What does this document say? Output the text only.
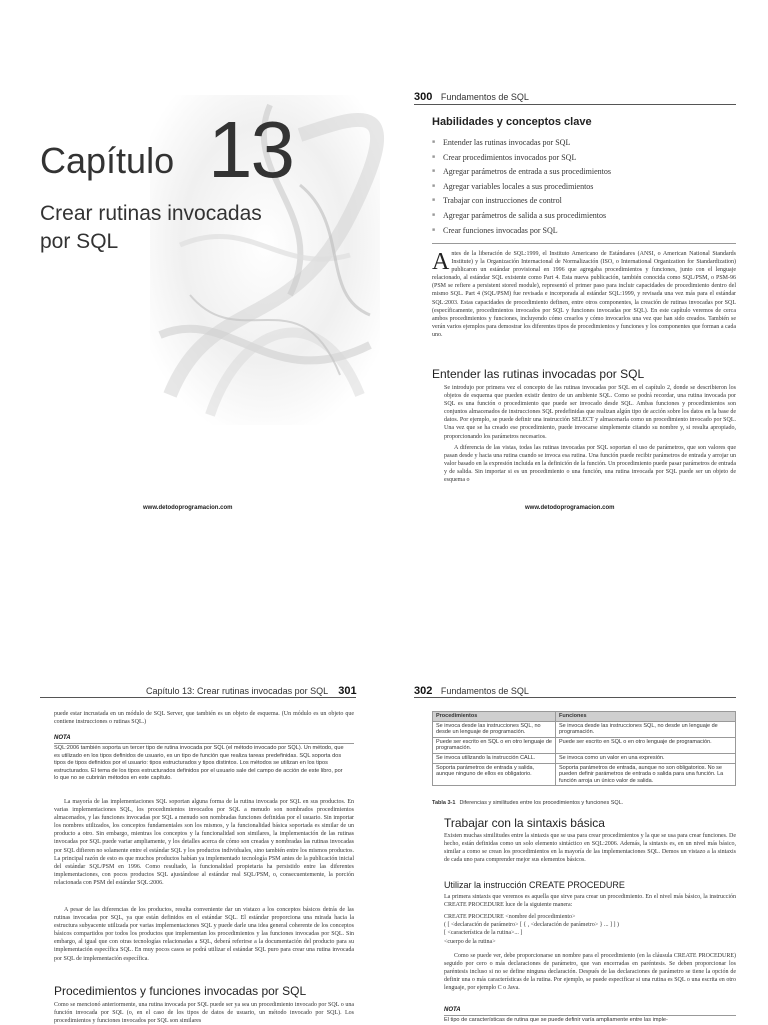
Capítulo 13
Crear rutinas invocadas
por SQL
www.detodoprogramacion.com
300 Fundamentos de SQL
Habilidades y conceptos clave
■ Entender las rutinas invocadas por SQL
■ Crear procedimientos invocados por SQL
■ Agregar parámetros de entrada a sus procedimientos
■ Agregar variables locales a sus procedimientos
■ Trabajar con instrucciones de control
■ Agregar parámetros de salida a sus procedimientos
■ Crear funciones invocadas por SQL
Antes de la liberación de SQL:1999, el Instituto Americano de Estándares (ANSI, o American National Standards Institute) y la Organización Internacional de Normalización (ISO, o International Organization for Standardization) publicaron un estándar provisional en 1996 que agregaba procedimientos y funciones, junto con el lenguaje relacionado, al estándar SQL existente como Part 4. Esta nueva publicación, también conocida como SQL/PSM, o PSM-96 (PSM se refiere a persistent stored module), representó el primer paso para incluir capacidades de procedimiento dentro del mismo SQL. Part 4 (SQL/PSM) fue revisada e incorporada al estándar SQL:1999, y revisada una vez más para el estándar SQL:2003. Estas capacidades de procedimiento definen, entre otros componentes, la creación de rutinas invocadas por SQL (específicamente, procedimientos invocados por SQL y funciones invocadas por SQL). En este capítulo veremos de cerca ambos procedimientos y funciones, incluyendo cómo crearlos y cómo invocarlos una vez que han sido creados. También se verán varios ejemplos para demostrar los diferentes tipos de procedimientos y funciones y los componentes que forman a cada uno.
Entender las rutinas invocadas por SQL
Se introdujo por primera vez el concepto de las rutinas invocadas por SQL en el capítulo 2, donde se describieron los objetos de esquema que pueden existir dentro de un ambiente SQL. Como se podrá recordar, una rutina invocada por SQL es una función o procedimiento que puede ser invocado desde SQL. Ambas funciones y procedimientos son conjuntos almacenados de instrucciones SQL predefinidas que realizan algún tipo de acción sobre los datos en la base de datos. Por ejemplo, se puede definir una instrucción SELECT y almacenarla como un procedimiento invocado por SQL. Una vez que se ha creado ese procedimiento, puede invocarse simplemente citando su nombre y, si resulta apropiado, proporcionando los parámetros necesarios.
A diferencia de las vistas, todas las rutinas invocadas por SQL soportan el uso de parámetros, que son valores que pasan desde y hacia una rutina cuando se invoca esa rutina. Una función puede recibir parámetros de entrada y arrojar un valor basado en la expresión incluida en la definición de la función. Un procedimiento puede pasar parámetros de entrada y de salida. Sin importar si es un procedimiento o una función, una rutina invocada por SQL puede ser un objeto de esquema o
www.detodoprogramacion.com
Capítulo 13: Crear rutinas invocadas por SQL 301
puede estar incrustada en un módulo de SQL Server, que también es un objeto de esquema. (Un módulo es un objeto que contiene instrucciones o rutinas SQL.)
NOTA
SQL:2006 también soporta un tercer tipo de rutina invocada por SQL (el método invocado por SQL). Un método, que es utilizado en los tipos definidos de usuario, es un tipo de función que realiza tareas predefinidas. SQL soporta dos tipos de tipos definidos por el usuario: tipos estructurados y tipos distintos. Los métodos se utilizan en los tipos estructurados. El tema de los tipos estructurados definidos por el usuario sale del campo de acción de este libro, por lo que no se cubrirán métodos en este capítulo.
La mayoría de las implementaciones SQL soportan alguna forma de la rutina invocada por SQL en sus productos. En varias implementaciones SQL, los procedimientos invocados por SQL a menudo son nombrados procedimientos almacenados, y las funciones invocadas por SQL a menudo son nombradas funciones definidas por el usuario. Sin importar los nombres utilizados, los conceptos fundamentales son los mismos, y la funcionalidad básica soportada es similar de un producto a otro. Sin embargo, mientras los conceptos y la funcionalidad son similares, la implementación de las rutinas invocadas por SQL puede variar ampliamente, y los detalles acerca de cómo son creadas y nombradas las rutinas invocadas por SQL difieren no solamente entre el estándar SQL y los productos individuales, sino también entre los mismos productos. La principal razón de esto es que muchos productos habían ya implementado tecnología PSM antes de la publicación inicial del estándar SQL/PSM en 1996. Como resultado, la funcionalidad propietaria ha persistido entre las diferentes implementaciones, con pocos productos SQL ajustándose al estándar real SQL/PSM, o, consecuentemente, la porción relacionada con PSM del estándar SQL:2006.
A pesar de las diferencias de los productos, resulta conveniente dar un vistazo a los conceptos básicos detrás de las rutinas invocadas por SQL, ya que están definidos en el estándar SQL. El estándar proporciona una mirada hacia la estructura subyacente utilizada por varias implementaciones SQL y puede darle una idea general coherente de los conceptos básicos compartidos por todos los productos que implementan los procedimientos y las funciones invocadas por SQL. Sin embargo, al igual que con otras tecnologías relacionadas a SQL, deberá referirse a la documentación del producto para su implementación específica SQL. En muy pocos casos se podrá utilizar el estándar SQL puro para crear una rutina invocada por SQL de implementación específica.
Procedimientos y funciones invocadas por SQL
Como se mencionó anteriormente, una rutina invocada por SQL puede ser ya sea un procedimiento invocado por SQL o una función invocada por SQL (o, en el caso de los tipos de datos de usuario, un método invocado por SQL). Los procedimientos y funciones invocados por SQL son similares
302 Fundamentos de SQL
Procedimientos	Funciones
Se invoca desde las instrucciones SQL, no desde un lenguaje de programación.	Se invoca desde las instrucciones SQL, no desde un lenguaje de programación.
Puede ser escrito en SQL o en otro lenguaje de programación.	Puede ser escrito en SQL o en otro lenguaje de programación.
Se invoca utilizando la instrucción CALL.	Se invoca como un valor en una expresión.
Soporta parámetros de entrada y salida, aunque ninguno de ellos es obligatorio.	Soporta parámetros de entrada, aunque no son obligatorios. No se pueden definir parámetros de entrada o salida para una función. La función arroja un único valor de salida.
Tabla 3-1 Diferencias y similitudes entre los procedimientos y funciones SQL.
Trabajar con la sintaxis básica
Existen muchas similitudes entre la sintaxis que se usa para crear procedimientos y la que se usa para crear funciones. De hecho, están definidas como un solo elemento sintáctico en SQL:2006. Además, la sintaxis es, en un nivel más básico, similar a como se crean los procedimientos en la mayoría de las implementaciones SQL. Demos un vistazo a la sintaxis de cada uno para comprender mejor sus elementos básicos.
Utilizar la instrucción CREATE PROCEDURE
La primera sintaxis que veremos es aquella que sirve para crear un procedimiento. En el nivel más básico, la instrucción CREATE PROCEDURE luce de la siguiente manera:
CREATE PROCEDURE <nombre del procedimiento>
( [ <declaración de parámetro> [ { , <declaración de parámetro> } ... ] ] )
[ <característica de la rutina>... ]
<cuerpo de la rutina>
Como se puede ver, debe proporcionarse un nombre para el procedimiento (en la cláusula CREATE PROCEDURE) seguido por cero o más declaraciones de parámetro, que van encerradas en paréntesis. Se deben proporcionar los paréntesis incluso si no se define ninguna declaración. Después de las declaraciones de parámetro se tiene la opción de definir una o más características de la rutina. Por ejemplo, se puede especificar si una rutina es SQL o una escrita en otro lenguaje, por ejemplo C o Java.
NOTA
El tipo de características de rutina que se puede definir varía ampliamente entre las imple-
